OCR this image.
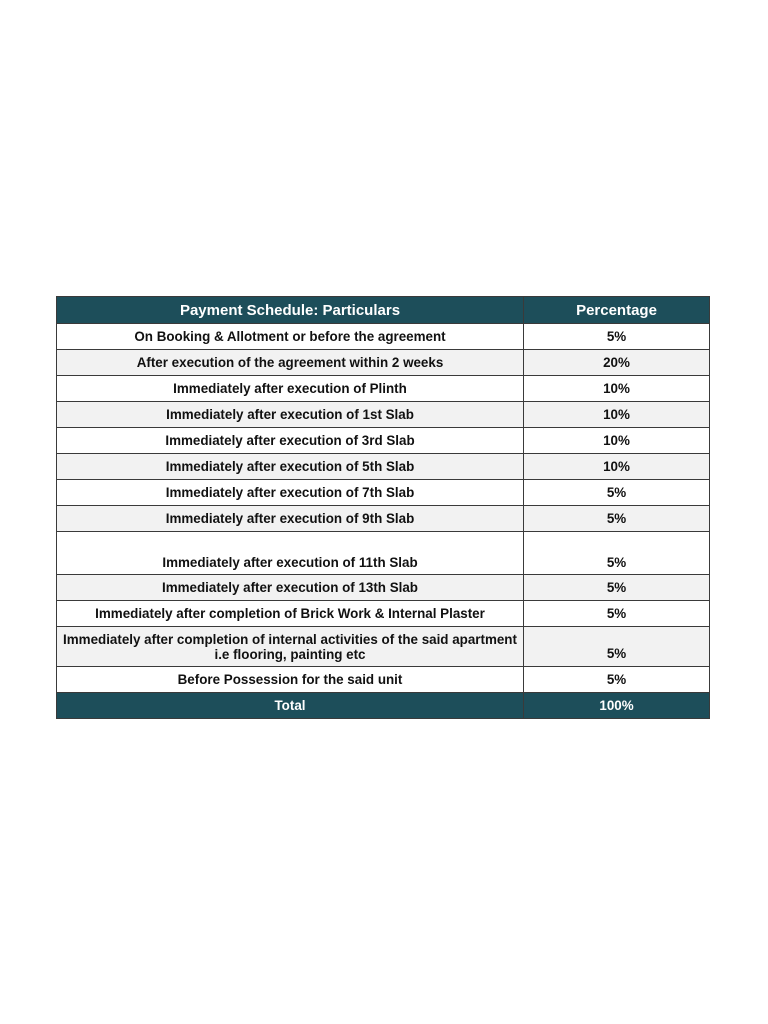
Payment Schedule: Particulars	Percentage
On Booking & Allotment or before the agreement	5%
After execution of the agreement within 2 weeks	20%
Immediately after execution of Plinth	10%
Immediately after execution of 1st Slab	10%
Immediately after execution of 3rd Slab	10%
Immediately after execution of 5th Slab	10%
Immediately after execution of 7th Slab	5%
Immediately after execution of 9th Slab	5%
Immediately after execution of 11th Slab	5%
Immediately after execution of 13th Slab	5%
Immediately after completion of Brick Work & Internal Plaster	5%
Immediately after completion of internal activities of the said apartment i.e flooring, painting etc	5%
Before Possession for the said unit	5%
Total	100%
